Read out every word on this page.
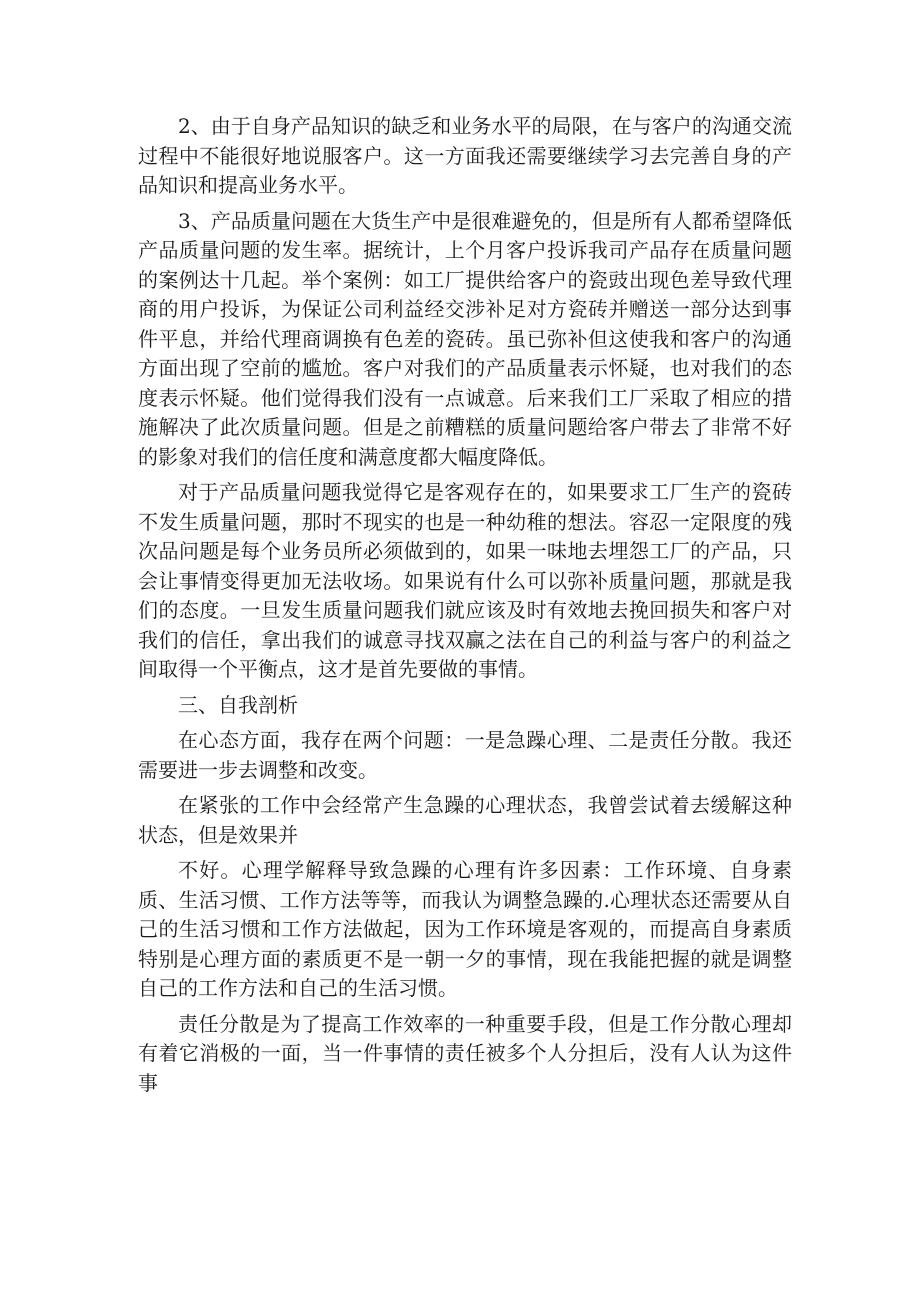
2、由于自身产品知识的缺乏和业务水平的局限，在与客户的沟通交流过程中不能很好地说服客户。这一方面我还需要继续学习去完善自身的产品知识和提高业务水平。

3、产品质量问题在大货生产中是很难避免的，但是所有人都希望降低产品质量问题的发生率。据统计，上个月客户投诉我司产品存在质量问题的案例达十几起。举个案例：如工厂提供给客户的瓷豉出现色差导致代理商的用户投诉，为保证公司利益经交涉补足对方瓷砖并赠送一部分达到事件平息，并给代理商调换有色差的瓷砖。虽已弥补但这使我和客户的沟通方面出现了空前的尴尬。客户对我们的产品质量表示怀疑，也对我们的态度表示怀疑。他们觉得我们没有一点诚意。后来我们工厂采取了相应的措施解决了此次质量问题。但是之前糟糕的质量问题给客户带去了非常不好的影象对我们的信任度和满意度都大幅度降低。

对于产品质量问题我觉得它是客观存在的，如果要求工厂生产的瓷砖不发生质量问题，那时不现实的也是一种幼稚的想法。容忍一定限度的残次品问题是每个业务员所必须做到的，如果一味地去埋怨工厂的产品，只会让事情变得更加无法收场。如果说有什么可以弥补质量问题，那就是我们的态度。一旦发生质量问题我们就应该及时有效地去挽回损失和客户对我们的信任，拿出我们的诚意寻找双赢之法在自己的利益与客户的利益之间取得一个平衡点，这才是首先要做的事情。

三、自我剖析

在心态方面，我存在两个问题：一是急躁心理、二是责任分散。我还需要进一步去调整和改变。

在紧张的工作中会经常产生急躁的心理状态，我曾尝试着去缓解这种状态，但是效果并

不好。心理学解释导致急躁的心理有许多因素：工作环境、自身素质、生活习惯、工作方法等等，而我认为调整急躁的.心理状态还需要从自己的生活习惯和工作方法做起，因为工作环境是客观的，而提高自身素质特别是心理方面的素质更不是一朝一夕的事情，现在我能把握的就是调整自己的工作方法和自己的生活习惯。

责任分散是为了提高工作效率的一种重要手段，但是工作分散心理却有着它消极的一面，当一件事情的责任被多个人分担后，没有人认为这件事
